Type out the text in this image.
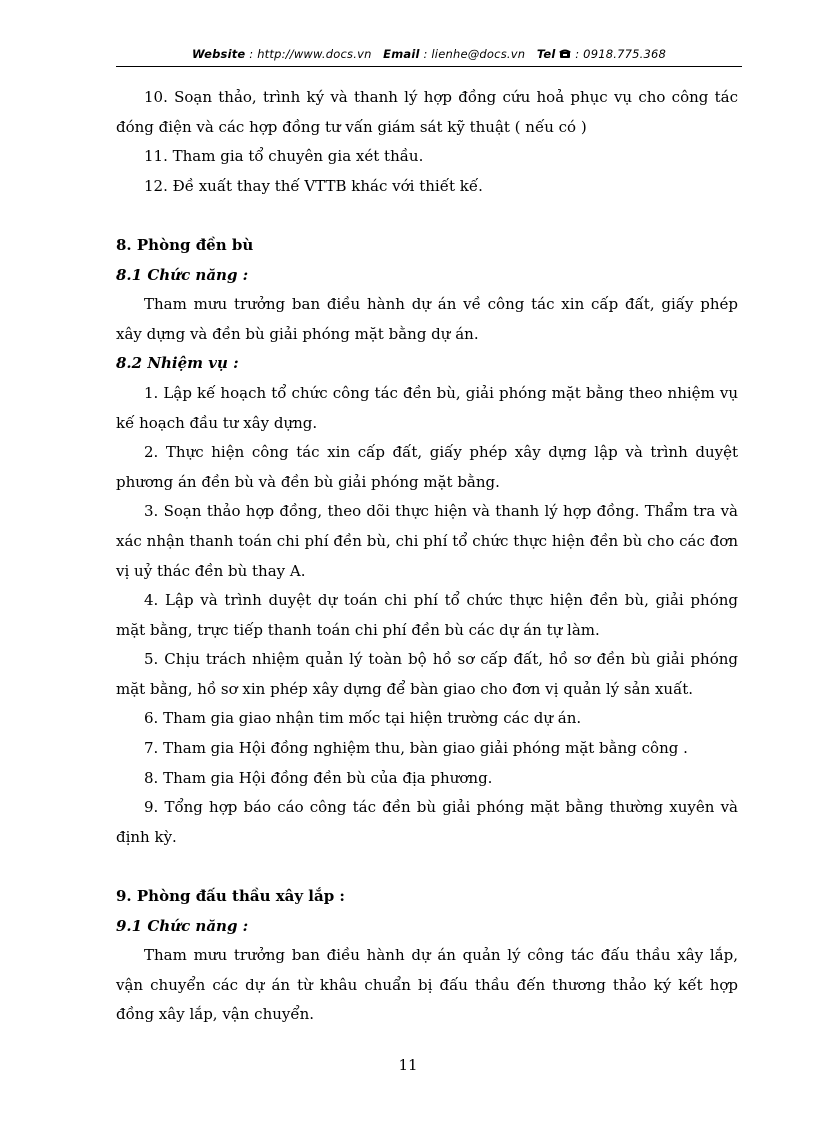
Website : http://www.docs.vn Email : lienhe@docs.vn Tel : 0918.775.368

10. Soạn thảo, trình ký và thanh lý hợp đồng cứu hoả phục vụ cho công tác đóng điện và các hợp đồng tư vấn giám sát kỹ thuật ( nếu có )

11. Tham gia tổ chuyên gia xét thầu.

12. Đề xuất thay thế VTTB khác với thiết kế.

8. Phòng đền bù

8.1 Chức năng :

Tham mưu trưởng ban điều hành dự án về công tác xin cấp đất, giấy phép xây dựng và đền bù giải phóng mặt bằng dự án.

8.2 Nhiệm vụ :

1. Lập kế hoạch tổ chức công tác đền bù, giải phóng mặt bằng theo nhiệm vụ kế hoạch đầu tư xây dựng.

2. Thực hiện công tác xin cấp đất, giấy phép xây dựng lập và trình duyệt phương án đền bù và đền bù giải phóng mặt bằng.

3. Soạn thảo hợp đồng, theo dõi thực hiện và thanh lý hợp đồng. Thẩm tra và xác nhận thanh toán chi phí đền bù, chi phí tổ chức thực hiện đền bù cho các đơn vị uỷ thác đền bù thay A.

4. Lập và trình duyệt dự toán chi phí tổ chức thực hiện đền bù, giải phóng mặt bằng, trực tiếp thanh toán chi phí đền bù các dự án tự làm.

5. Chịu trách nhiệm quản lý toàn bộ hồ sơ cấp đất, hồ sơ đền bù giải phóng mặt bằng, hồ sơ xin phép xây dựng để bàn giao cho đơn vị quản lý sản xuất.

6. Tham gia giao nhận tim mốc tại hiện trường các dự án.

7. Tham gia Hội đồng nghiệm thu, bàn giao giải phóng mặt bằng công .

8. Tham gia Hội đồng đền bù của địa phương.

9. Tổng hợp báo cáo công tác đền bù giải phóng mặt bằng thường xuyên và định kỳ.

9. Phòng đấu thầu xây lắp :

9.1 Chức năng :

Tham mưu trưởng ban điều hành dự án quản lý công tác đấu thầu xây lắp, vận chuyển các dự án từ khâu chuẩn bị đấu thầu đến thương thảo ký kết hợp đồng xây lắp, vận chuyển.

11
